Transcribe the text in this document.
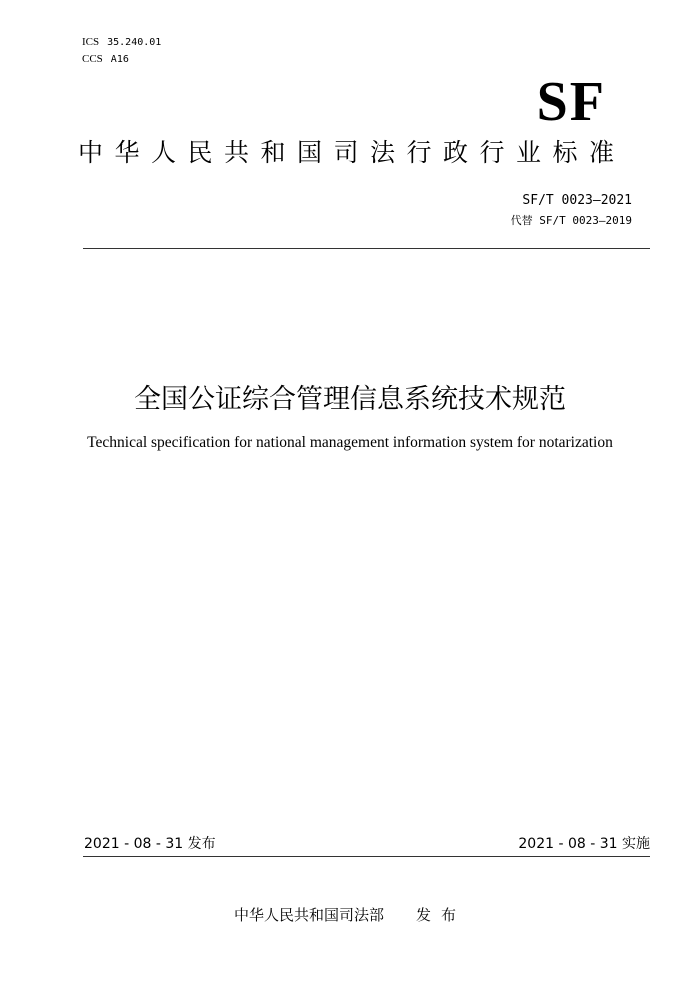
ICS 35.240.01
CCS A16
SF
中华人民共和国司法行政行业标准
SF/T 0023—2021
代替 SF/T 0023—2019
全国公证综合管理信息系统技术规范
Technical specification for national management information system for notarization
2021 - 08 - 31 发布	2021 - 08 - 31 实施
中华人民共和国司法部 发布
